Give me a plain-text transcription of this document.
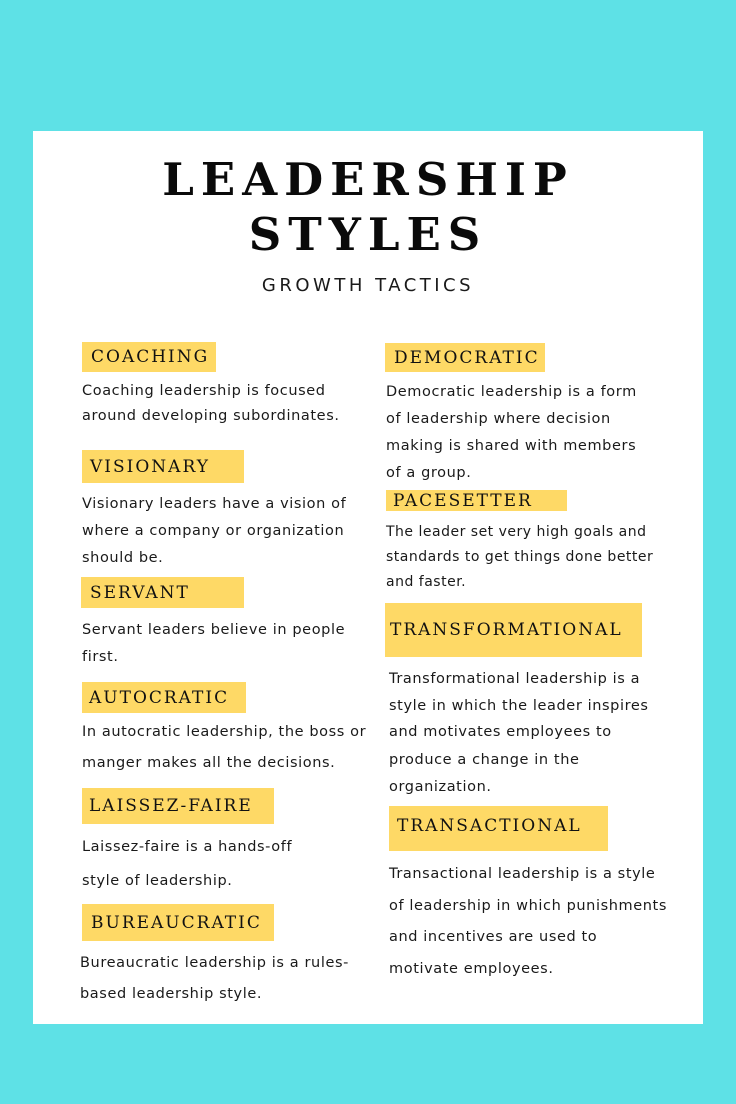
LEADERSHIP
STYLES

GROWTH TACTICS

COACHING

Coaching leadership is focused

around developing subordinates.

VISIONARY

Visionary leaders have a vision of

where a company or organization

should be.

SERVANT

Servant leaders believe in people

first.

AUTOCRATIC

In autocratic leadership, the boss or

manger makes all the decisions.

LAISSEZ-FAIRE

Laissez-faire is a hands-off

style of leadership.

BUREAUCRATIC

Bureaucratic leadership is a rules-

based leadership style.

DEMOCRATIC

Democratic leadership is a form

of leadership where decision

making is shared with members

of a group.

PACESETTER

The leader set very high goals and

standards to get things done better

and faster.

TRANSFORMATIONAL

Transformational leadership is a

style in which the leader inspires

and motivates employees to

produce a change in the

organization.

TRANSACTIONAL

Transactional leadership is a style

of leadership in which punishments

and incentives are used to

motivate employees.
